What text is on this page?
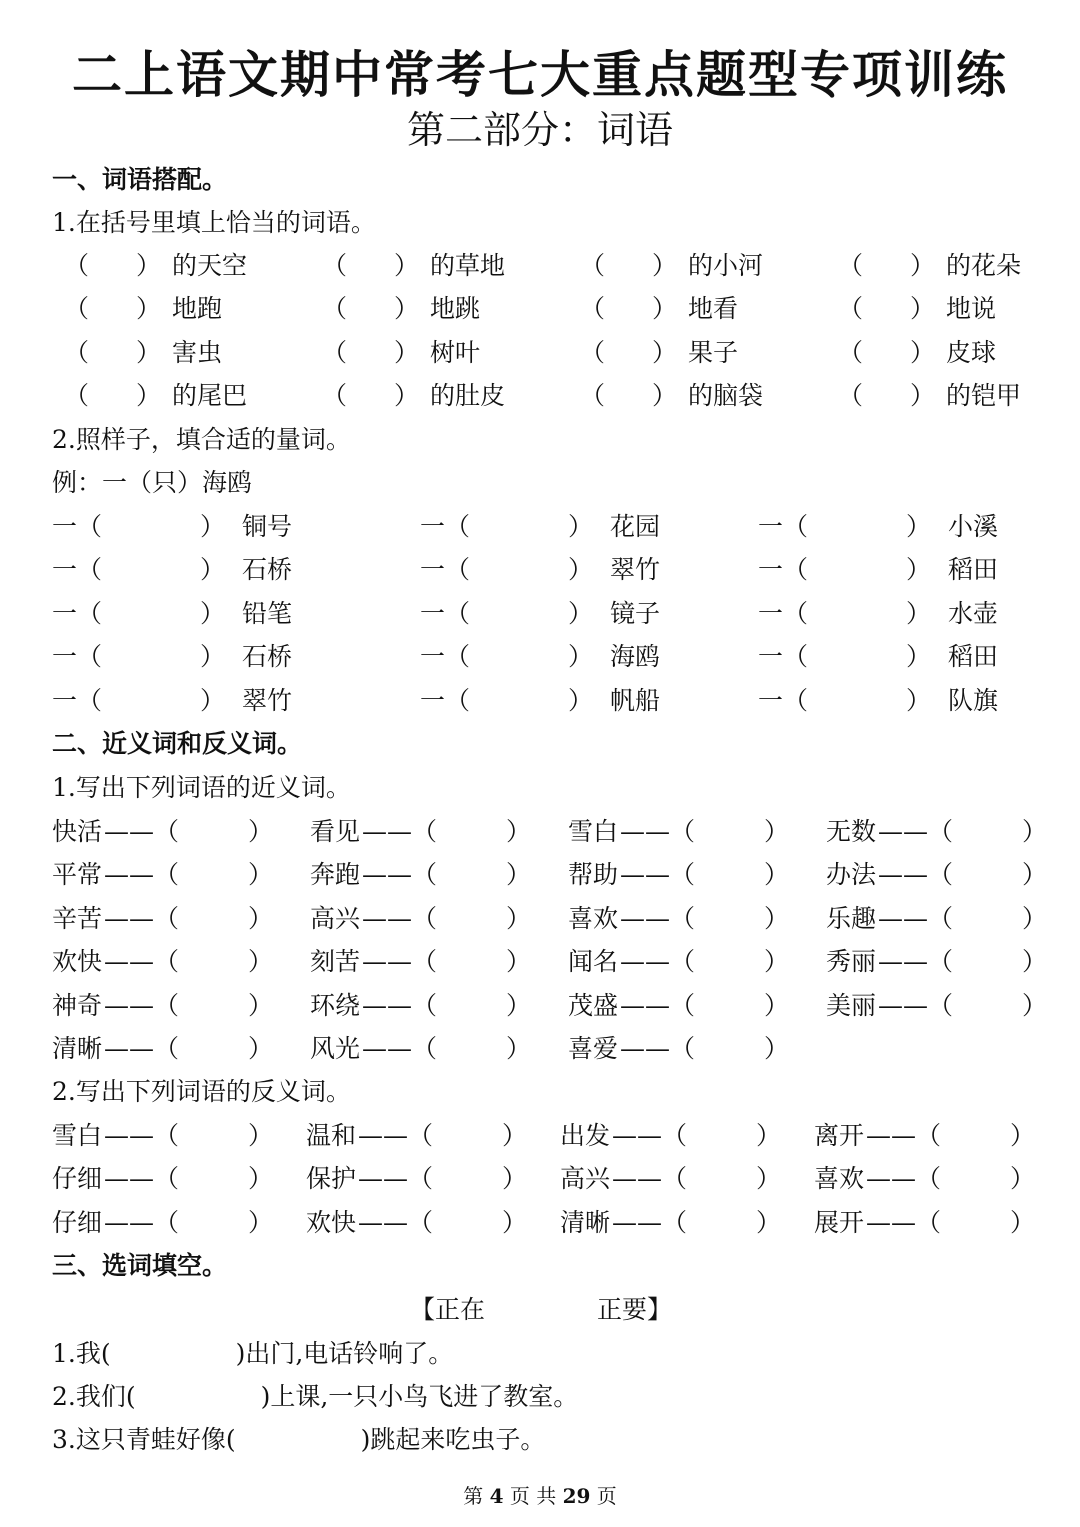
二上语文期中常考七大重点题型专项训练
第二部分：词语
一、词语搭配。
1.在括号里填上恰当的词语。
（ ） 的天空	（ ） 的草地	（ ） 的小河	（ ） 的花朵
（ ） 地跑	（ ） 地跳	（ ） 地看	（ ） 地说
（ ） 害虫	（ ） 树叶	（ ） 果子	（ ） 皮球
（ ） 的尾巴	（ ） 的肚皮	（ ） 的脑袋	（ ） 的铠甲
2.照样子，填合适的量词。
例：一（只）海鸥
一（	） 铜号	一（	） 花园	一（	） 小溪
一（	） 石桥	一（	） 翠竹	一（	） 稻田
一（	） 铅笔	一（	） 镜子	一（	） 水壶
一（	） 石桥	一（	） 海鸥	一（	） 稻田
一（	） 翠竹	一（	） 帆船	一（	） 队旗
二、近义词和反义词。
1.写出下列词语的近义词。
快活 ——（	） 看见 ——（	） 雪白 ——（	） 无数 ——（	）
平常 ——（	） 奔跑 ——（	） 帮助 ——（	） 办法 ——（	）
辛苦 ——（	） 高兴 ——（	） 喜欢 ——（	） 乐趣 ——（	）
欢快 ——（	） 刻苦 ——（	） 闻名 ——（	） 秀丽 ——（	）
神奇 ——（	） 环绕 ——（	） 茂盛 ——（	） 美丽 ——（	）
清晰 ——（	） 风光 ——（	） 喜爱 ——（	）
2.写出下列词语的反义词。
雪白 ——（	） 温和 ——（	） 出发 ——（	） 离开 ——（	）
仔细 ——（	） 保护 ——（	） 高兴 ——（	） 喜欢 ——（	）
仔细 ——（	） 欢快 ——（	） 清晰 ——（	） 展开 ——（	）
三、选词填空。
【正在	正要】
1.我(　　　　　)出门,电话铃响了。
2.我们(　　　　　)上课,一只小鸟飞进了教室。
3.这只青蛙好像(　　　　　)跳起来吃虫子。
第 4 页 共 29 页
